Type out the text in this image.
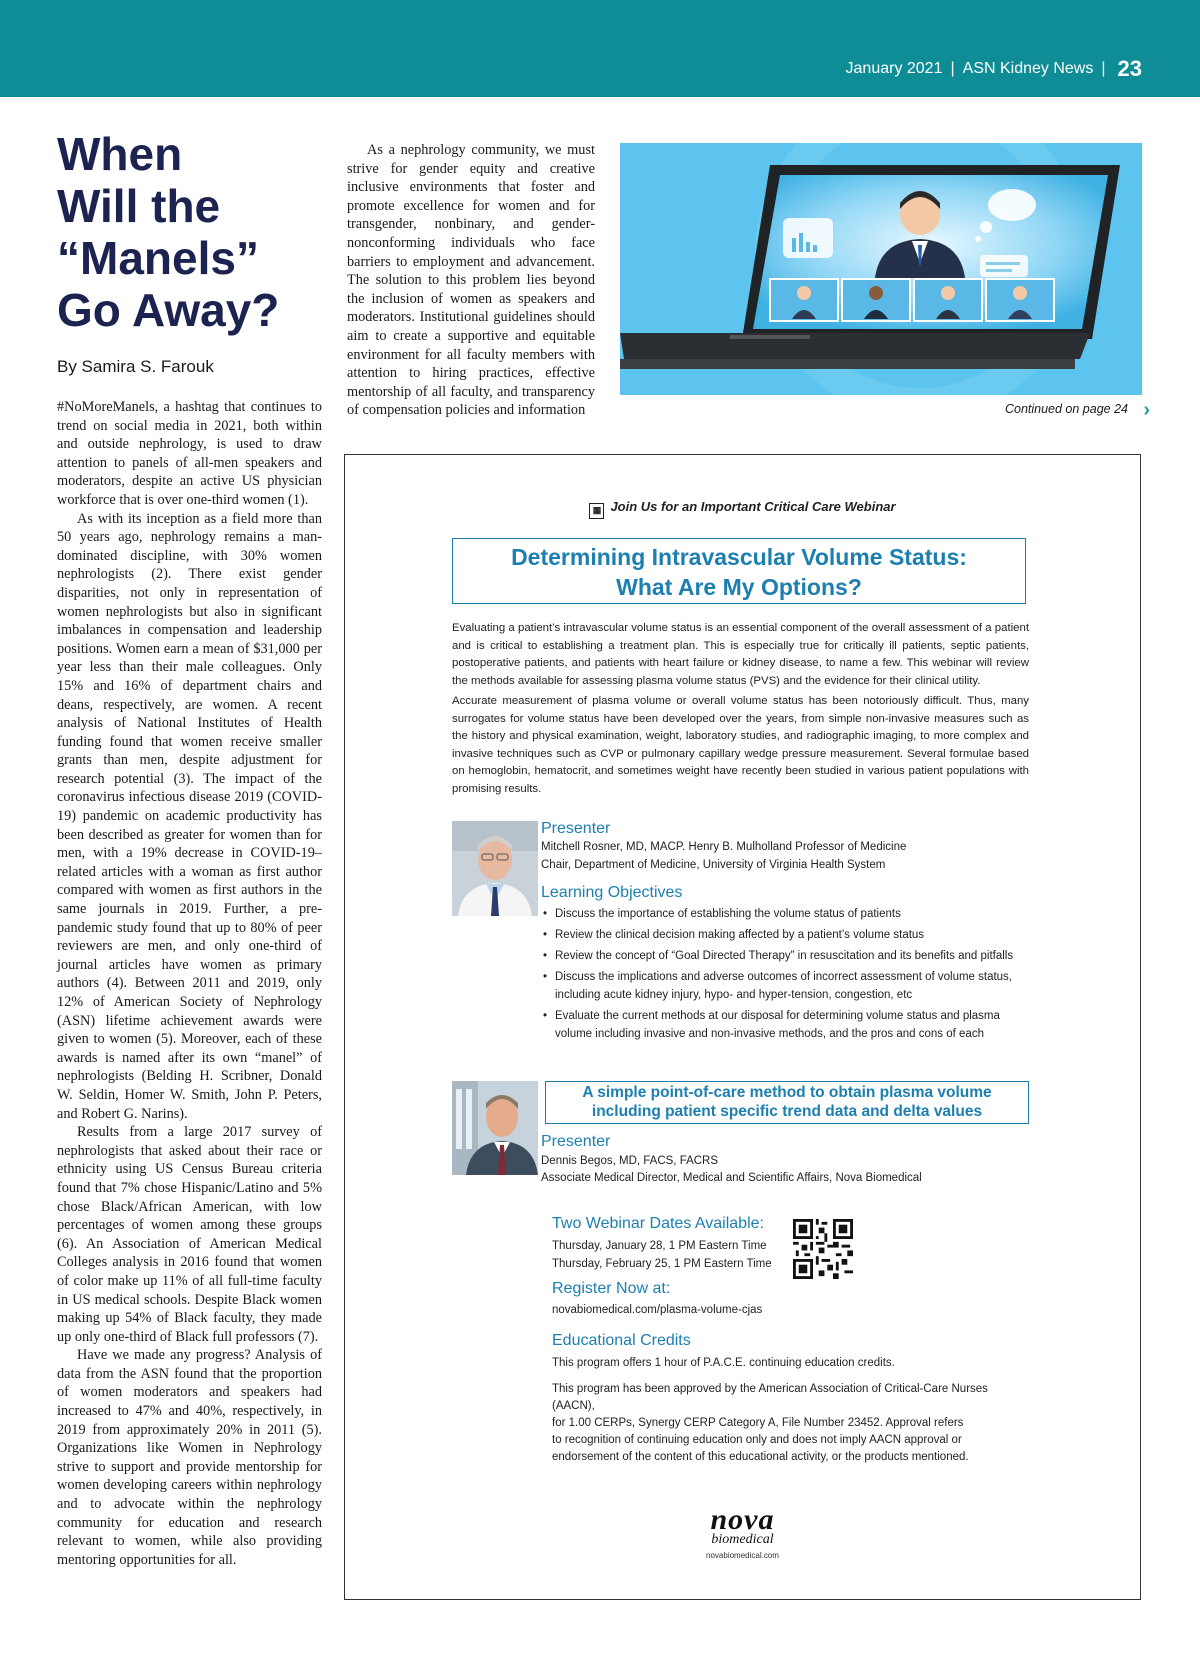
January 2021 | ASN Kidney News | 23
When
Will the
“Manels”
Go Away?
By Samira S. Farouk

#NoMoreManels, a hashtag that continues to trend on social media in 2021, both within and outside nephrology, is used to draw attention to panels of all-men speakers and moderators, despite an active US physician workforce that is over one-third women (1).

As with its inception as a field more than 50 years ago, nephrology remains a man-dominated discipline, with 30% women nephrologists (2). There exist gender disparities, not only in representation of women nephrologists but also in significant imbalances in compensation and leadership positions. Women earn a mean of $31,000 per year less than their male colleagues. Only 15% and 16% of department chairs and deans, respectively, are women. A recent analysis of National Institutes of Health funding found that women receive smaller grants than men, despite adjustment for research potential (3). The impact of the coronavirus infectious disease 2019 (COVID-19) pandemic on academic productivity has been described as greater for women than for men, with a 19% decrease in COVID-19–related articles with a woman as first author compared with women as first authors in the same journals in 2019. Further, a pre-pandemic study found that up to 80% of peer reviewers are men, and only one-third of journal articles have women as primary authors (4). Between 2011 and 2019, only 12% of American Society of Nephrology (ASN) lifetime achievement awards were given to women (5). Moreover, each of these awards is named after its own “manel” of nephrologists (Belding H. Scribner, Donald W. Seldin, Homer W. Smith, John P. Peters, and Robert G. Narins).

Results from a large 2017 survey of nephrologists that asked about their race or ethnicity using US Census Bureau criteria found that 7% chose Hispanic/Latino and 5% chose Black/African American, with low percentages of women among these groups (6). An Association of American Medical Colleges analysis in 2016 found that women of color make up 11% of all full-time faculty in US medical schools. Despite Black women making up 54% of Black faculty, they made up only one-third of Black full professors (7).

Have we made any progress? Analysis of data from the ASN found that the proportion of women moderators and speakers had increased to 47% and 40%, respectively, in 2019 from approximately 20% in 2011 (5). Organizations like Women in Nephrology strive to support and provide mentorship for women developing careers within nephrology and to advocate within the nephrology community for education and research relevant to women, while also providing mentoring opportunities for all.

As a nephrology community, we must strive for gender equity and creative inclusive environments that foster and promote excellence for women and for transgender, nonbinary, and gender-nonconforming individuals who face barriers to employment and advancement. The solution to this problem lies beyond the inclusion of women as speakers and moderators. Institutional guidelines should aim to create a supportive and equitable environment for all faculty members with attention to hiring practices, effective mentorship of all faculty, and transparency of compensation policies and information	Continued on page 24 ›
▦ Join Us for an Important Critical Care Webinar
Determining Intravascular Volume Status:
What Are My Options?
Evaluating a patient’s intravascular volume status is an essential component of the overall assessment of a patient and is critical to establishing a treatment plan. This is especially true for critically ill patients, septic patients, postoperative patients, and patients with heart failure or kidney disease, to name a few. This webinar will review the methods available for assessing plasma volume status (PVS) and the evidence for their clinical utility.
Accurate measurement of plasma volume or overall volume status has been notoriously difficult. Thus, many surrogates for volume status have been developed over the years, from simple non-invasive measures such as the history and physical examination, weight, laboratory studies, and radiographic imaging, to more complex and invasive techniques such as CVP or pulmonary capillary wedge pressure measurement. Several formulae based on hemoglobin, hematocrit, and sometimes weight have recently been studied in various patient populations with promising results.
Presenter
Mitchell Rosner, MD, MACP. Henry B. Mulholland Professor of Medicine
Chair, Department of Medicine, University of Virginia Health System
Learning Objectives
• Discuss the importance of establishing the volume status of patients
• Review the clinical decision making affected by a patient’s volume status
• Review the concept of “Goal Directed Therapy” in resuscitation and its benefits and pitfalls
• Discuss the implications and adverse outcomes of incorrect assessment of volume status, including acute kidney injury, hypo- and hyper-tension, congestion, etc
• Evaluate the current methods at our disposal for determining volume status and plasma volume including invasive and non-invasive methods, and the pros and cons of each
A simple point-of-care method to obtain plasma volume
including patient specific trend data and delta values
Presenter
Dennis Begos, MD, FACS, FACRS
Associate Medical Director, Medical and Scientific Affairs, Nova Biomedical
Two Webinar Dates Available:
Thursday, January 28, 1 PM Eastern Time
Thursday, February 25, 1 PM Eastern Time
Register Now at:
novabiomedical.com/plasma-volume-cjas
Educational Credits
This program offers 1 hour of P.A.C.E. continuing education credits.
This program has been approved by the American Association of Critical-Care Nurses
(AACN),
for 1.00 CERPs, Synergy CERP Category A, File Number 23452. Approval refers
to recognition of continuing education only and does not imply AACN approval or
endorsement of the content of this educational activity, or the products mentioned.
nova
biomedical
novabiomedical.com
